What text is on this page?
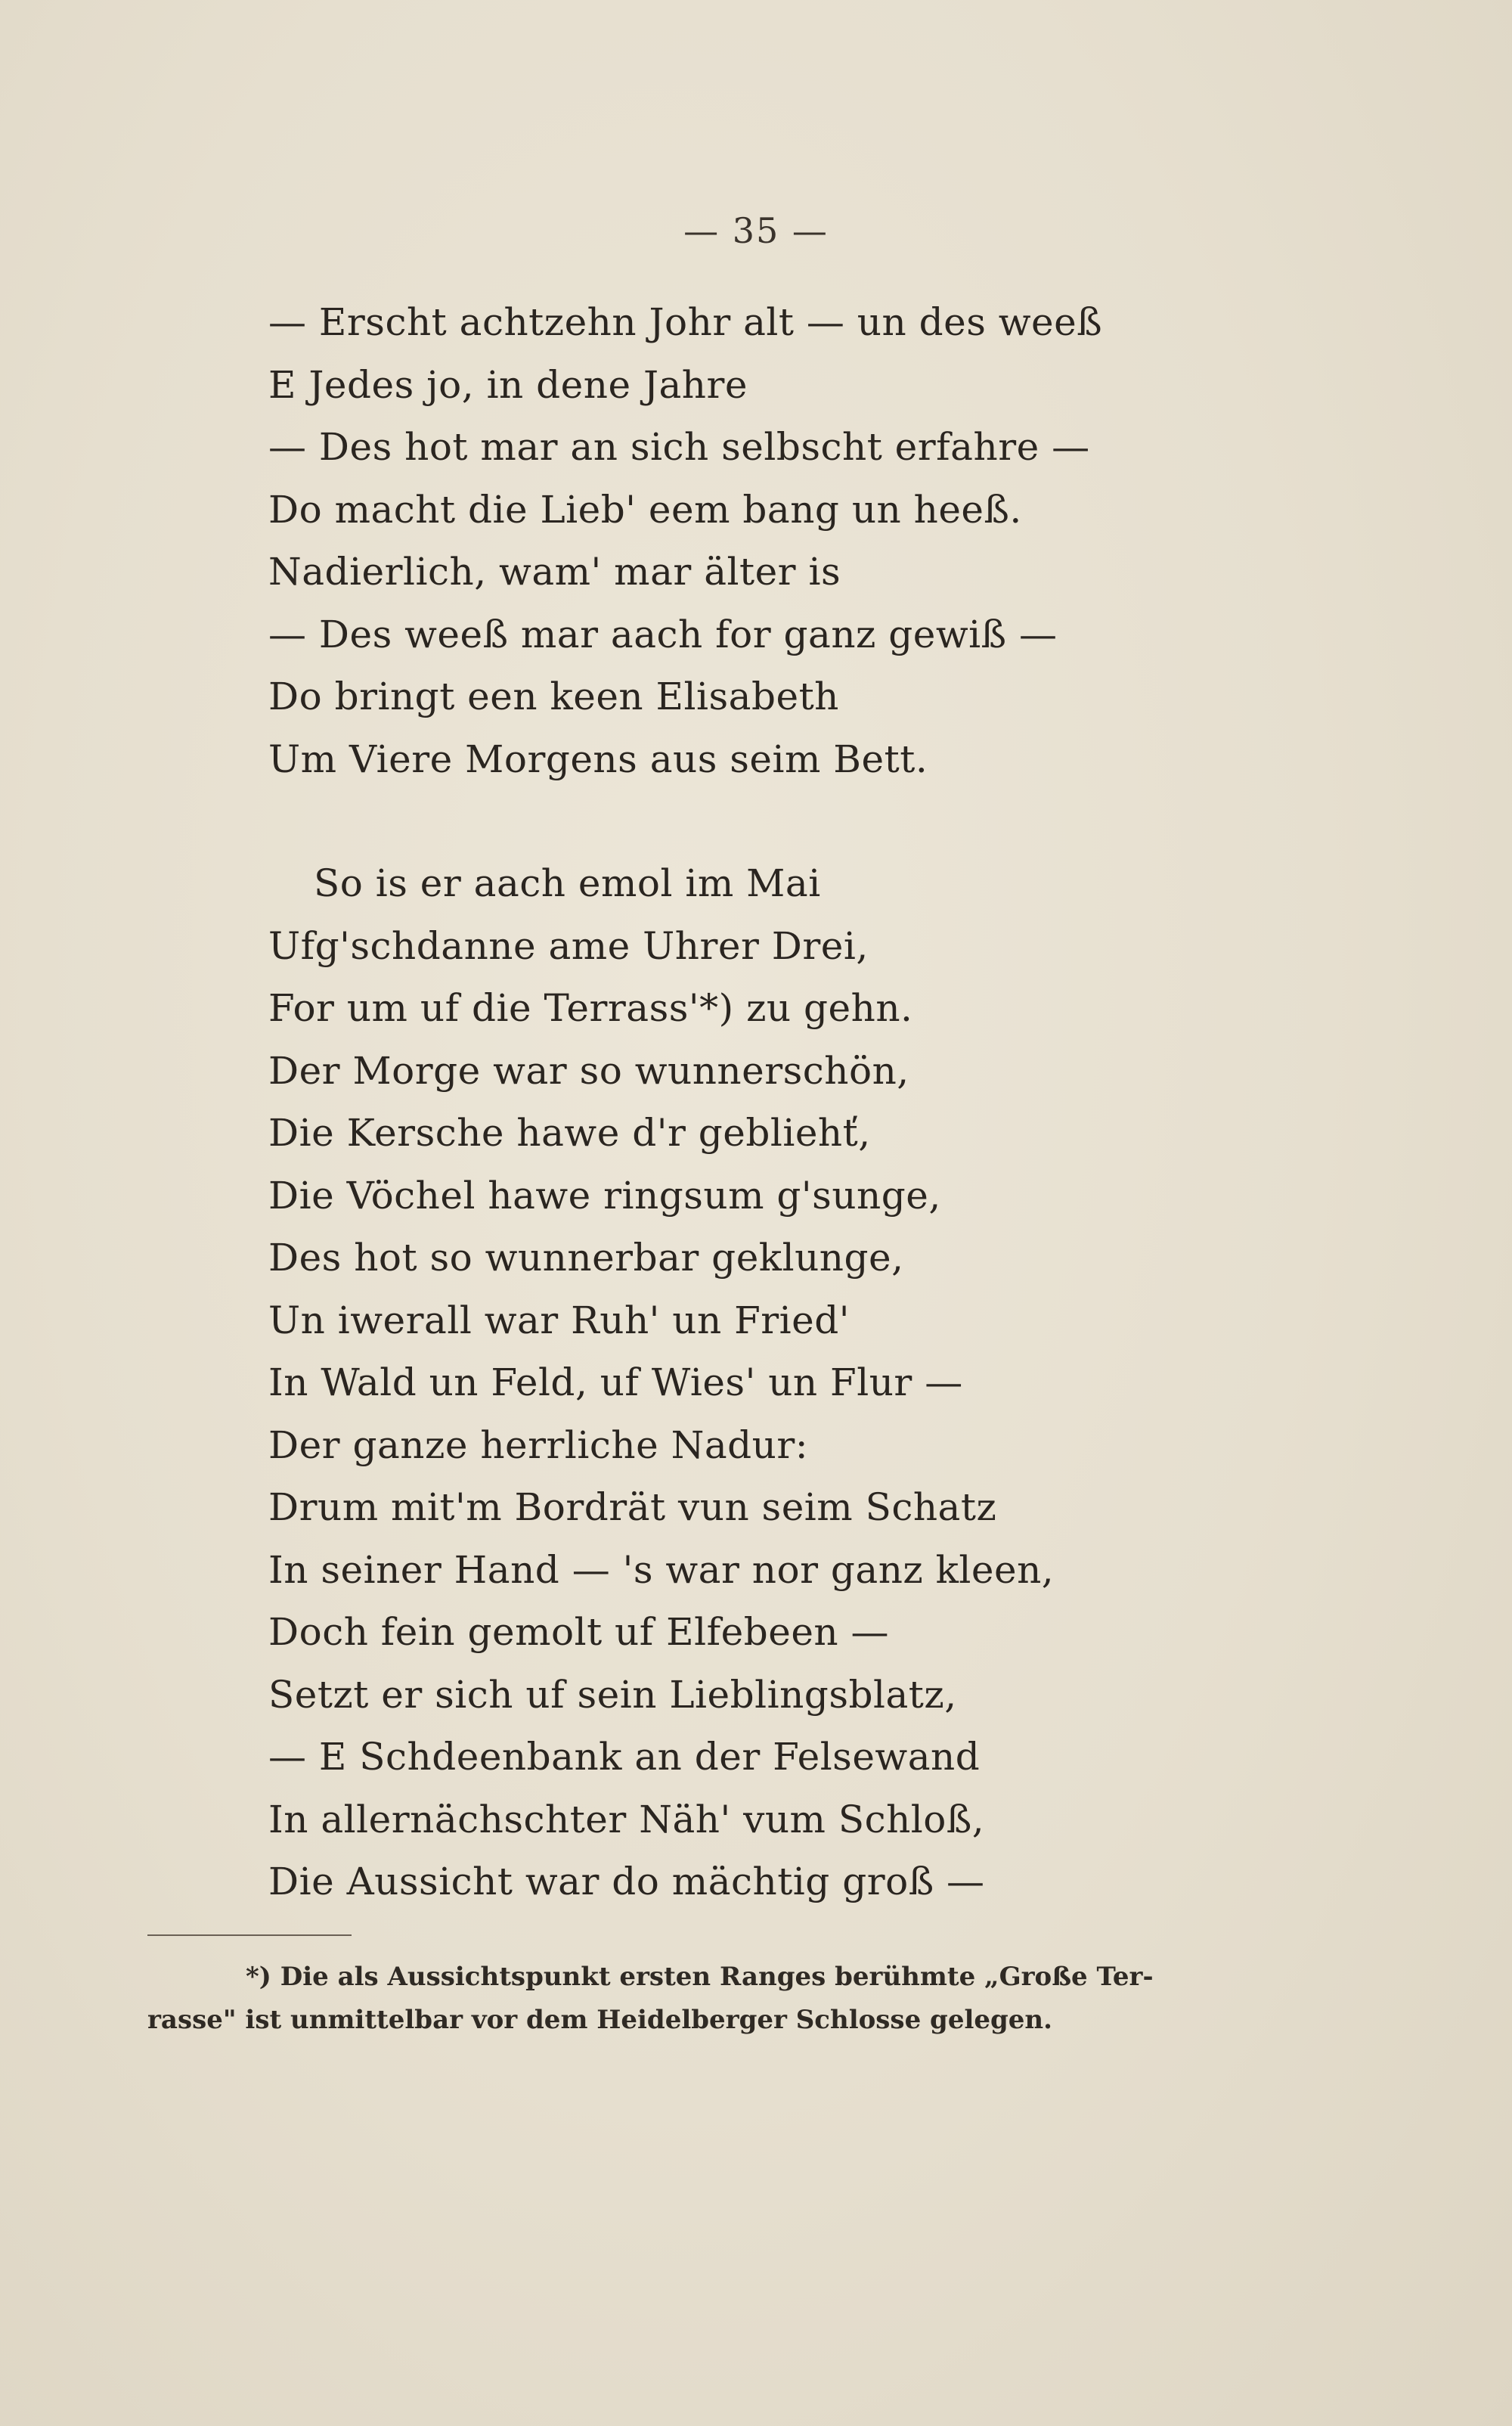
— 35 —
— Erscht achtzehn Johr alt — un des weeß
E Jedes jo, in dene Jahre
— Des hot mar an sich selbscht erfahre —
Do macht die Lieb' eem bang un heeß.
Nadierlich, wam' mar älter is
— Des weeß mar aach for ganz gewiß —
Do bringt een keen Elisabeth
Um Viere Morgens aus seim Bett.
So is er aach emol im Mai
Ufg'schdanne ame Uhrer Drei,
For um uf die Terrass'*) zu gehn.
Der Morge war so wunnerschön,
Die Kersche hawe d'r gebliehť,
Die Vöchel hawe ringsum g'sunge,
Des hot so wunnerbar geklunge,
Un iwerall war Ruh' un Fried'
In Wald un Feld, uf Wies' un Flur —
Der ganze herrliche Nadur:
Drum mit'm Bordrät vun seim Schatz
In seiner Hand — 's war nor ganz kleen,
Doch fein gemolt uf Elfebeen —
Setzt er sich uf sein Lieblingsblatz,
— E Schdeenbank an der Felsewand
In allernächschter Näh' vum Schloß,
Die Aussicht war do mächtig groß —
*) Die als Aussichtspunkt ersten Ranges berühmte „Große Ter-
rasse" ist unmittelbar vor dem Heidelberger Schlosse gelegen.
